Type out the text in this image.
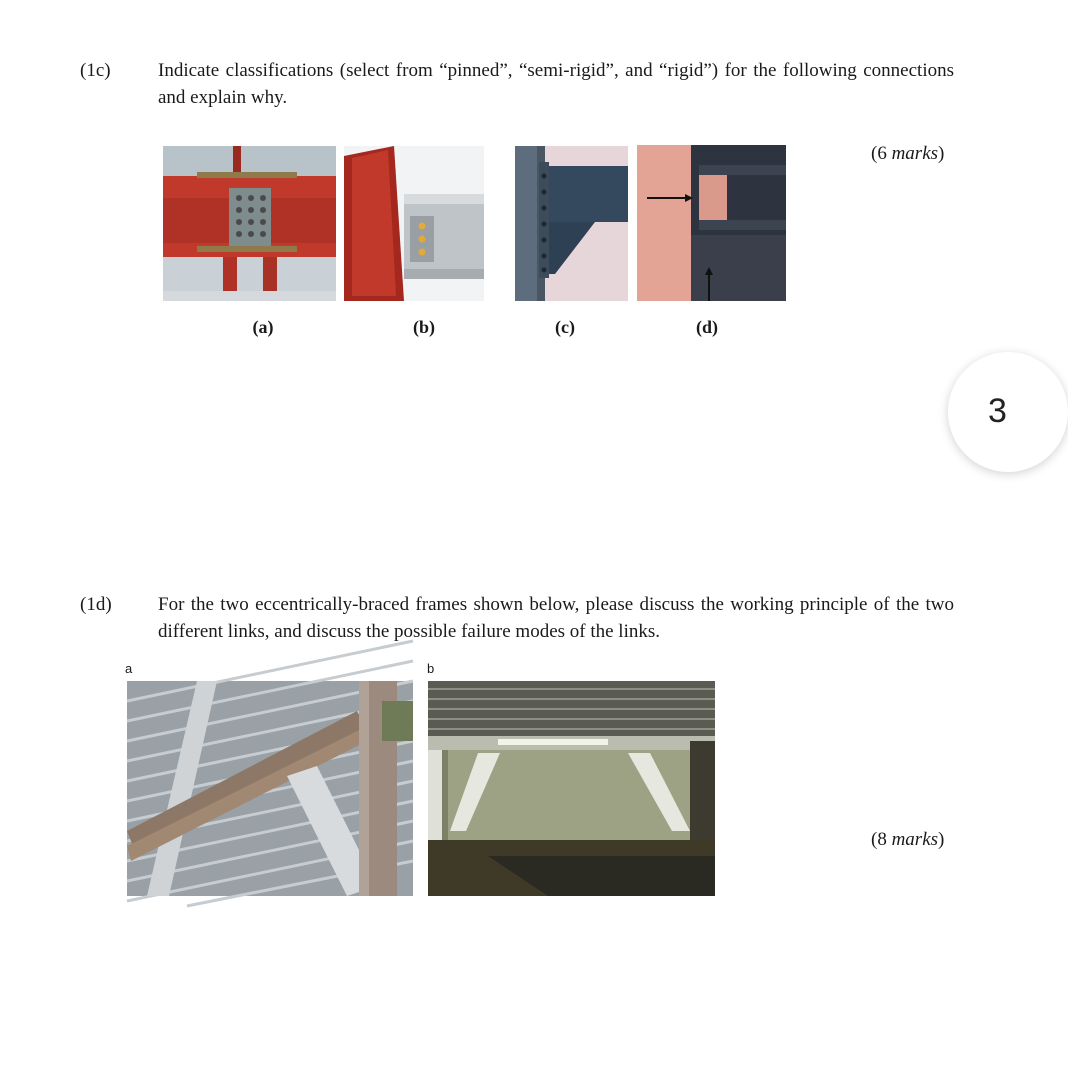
(1c) Indicate classifications (select from “pinned”, “semi-rigid”, and “rigid”) for the following connections and explain why.
(6 marks)
(a)	(b)	(c)	(d)
3
(1d) For the two eccentrically-braced frames shown below, please discuss the working principle of the two different links, and discuss the possible failure modes of the links.
a	b
(8 marks)
